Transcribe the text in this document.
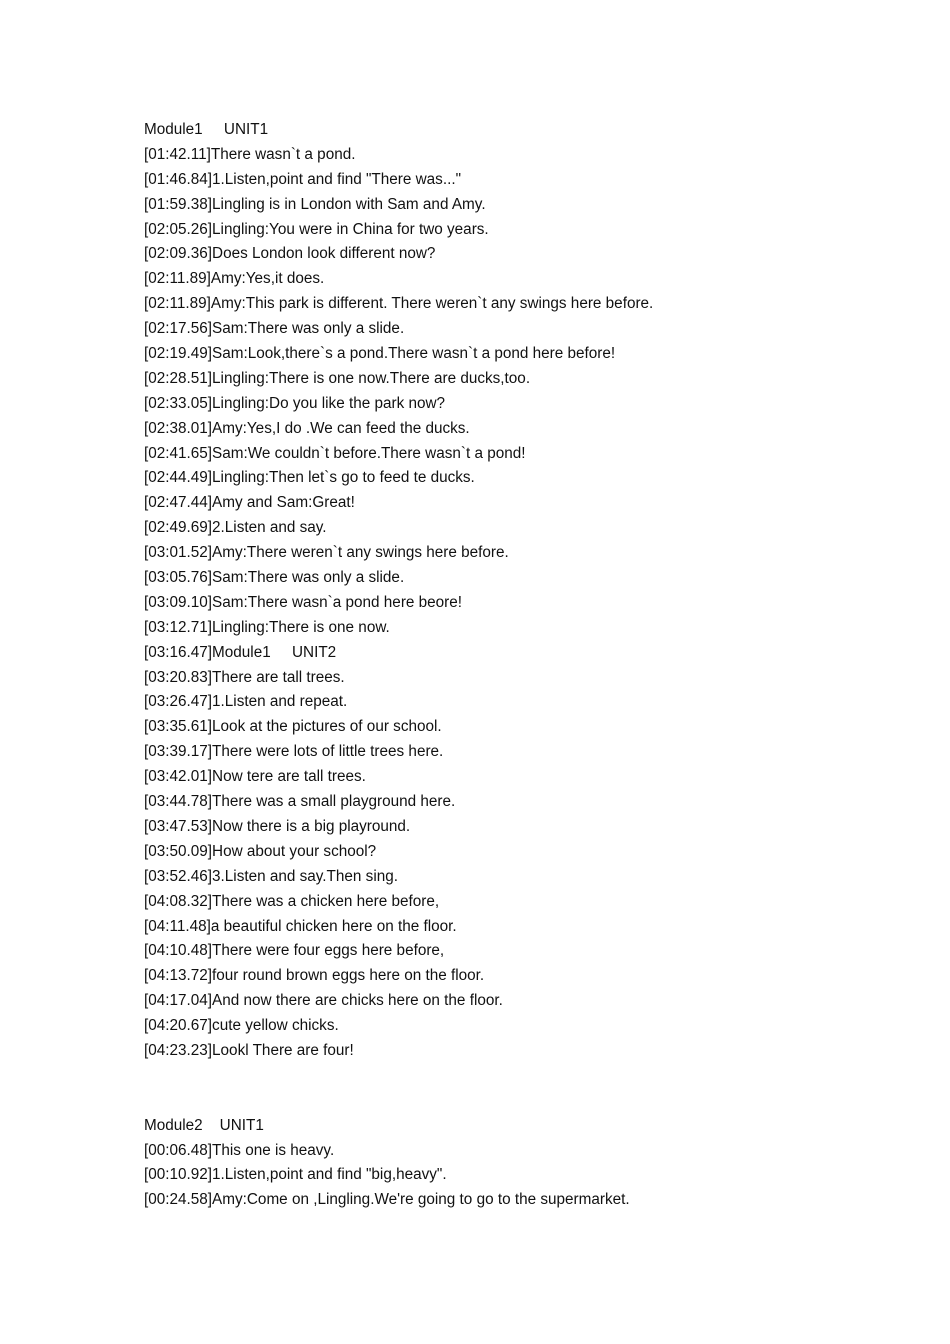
Module1     UNIT1
[01:42.11]There wasn`t a pond.
[01:46.84]1.Listen,point and find "There was..."
[01:59.38]Lingling is in London with Sam and Amy.
[02:05.26]Lingling:You were in China for two years.
[02:09.36]Does London look different now?
[02:11.89]Amy:Yes,it does.
[02:11.89]Amy:This park is different. There weren`t any swings here before.
[02:17.56]Sam:There was only a slide.
[02:19.49]Sam:Look,there`s a pond.There wasn`t a pond here before!
[02:28.51]Lingling:There is one now.There are ducks,too.
[02:33.05]Lingling:Do you like the park now?
[02:38.01]Amy:Yes,I do .We can feed the ducks.
[02:41.65]Sam:We couldn`t before.There wasn`t a pond!
[02:44.49]Lingling:Then let`s go to feed te ducks.
[02:47.44]Amy and Sam:Great!
[02:49.69]2.Listen and say.
[03:01.52]Amy:There weren`t any swings here before.
[03:05.76]Sam:There was only a slide.
[03:09.10]Sam:There wasn`a pond here beore!
[03:12.71]Lingling:There is one now.
[03:16.47]Module1     UNIT2
[03:20.83]There are tall trees.
[03:26.47]1.Listen and repeat.
[03:35.61]Look at the pictures of our school.
[03:39.17]There were lots of little trees here.
[03:42.01]Now tere are tall trees.
[03:44.78]There was a small playground here.
[03:47.53]Now there is a big playround.
[03:50.09]How about your school?
[03:52.46]3.Listen and say.Then sing.
[04:08.32]There was a chicken here before,
[04:11.48]a beautiful chicken here on the floor.
[04:10.48]There were four eggs here before,
[04:13.72]four round brown eggs here on the floor.
[04:17.04]And now there are chicks here on the floor.
[04:20.67]cute yellow chicks.
[04:23.23]Lookl There are four!
Module2    UNIT1
[00:06.48]This one is heavy.
[00:10.92]1.Listen,point and find "big,heavy".
[00:24.58]Amy:Come on ,Lingling.We're going to go to the supermarket.
